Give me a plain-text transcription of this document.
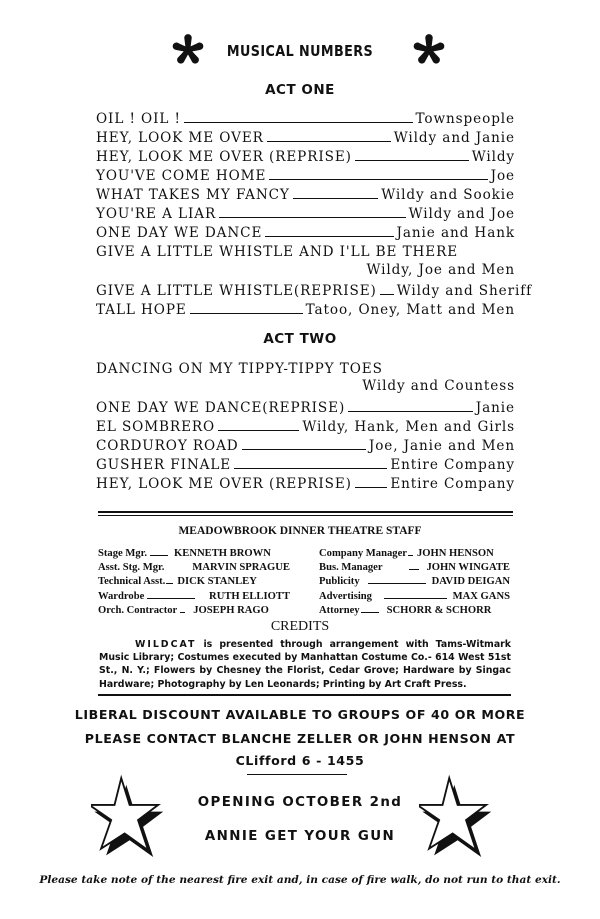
MUSICAL NUMBERS
ACT ONE
OIL ! OIL !	Townspeople
HEY, LOOK ME OVER	Wildy and Janie
HEY, LOOK ME OVER (REPRISE)	Wildy
YOU'VE COME HOME	Joe
WHAT TAKES MY FANCY	Wildy and Sookie
YOU'RE A LIAR	Wildy and Joe
ONE DAY WE DANCE	Janie and Hank
GIVE A LITTLE WHISTLE AND I'LL BE THERE
Wildy, Joe and Men
GIVE A LITTLE WHISTLE(REPRISE) Wildy and Sheriff
TALL HOPE	Tatoo, Oney, Matt and Men
ACT TWO
DANCING ON MY TIPPY-TIPPY TOES
Wildy and Countess
ONE DAY WE DANCE(REPRISE)	Janie
EL SOMBRERO	Wildy, Hank, Men and Girls
CORDUROY ROAD	Joe, Janie and Men
GUSHER FINALE	Entire Company
HEY, LOOK ME OVER (REPRISE)	Entire Company
MEADOWBROOK DINNER THEATRE STAFF
Stage Mgr.	KENNETH BROWN
Asst. Stg. Mgr.	MARVIN SPRAGUE
Technical Asst. DICK STANLEY
Wardrobe	RUTH ELLIOTT
Orch. Contractor JOSEPH RAGO
Company Manager JOHN HENSON
Bus. Manager	JOHN WINGATE
Publicity	DAVID DEIGAN
Advertising	MAX GANS
Attorney	SCHORR & SCHORR
CREDITS
WILDCAT is presented through arrangement with Tams-Witmark Music Library; Costumes executed by Manhattan Costume Co.- 614 West 51st St., N. Y.; Flowers by Chesney the Florist, Cedar Grove; Hardware by Singac Hardware; Photography by Len Leonards; Printing by Art Craft Press.
LIBERAL DISCOUNT AVAILABLE TO GROUPS OF 40 OR MORE
PLEASE CONTACT BLANCHE ZELLER OR JOHN HENSON AT
CLifford 6 - 1455
OPENING OCTOBER 2nd
ANNIE GET YOUR GUN
Please take note of the nearest fire exit and, in case of fire walk, do not run to that exit.
